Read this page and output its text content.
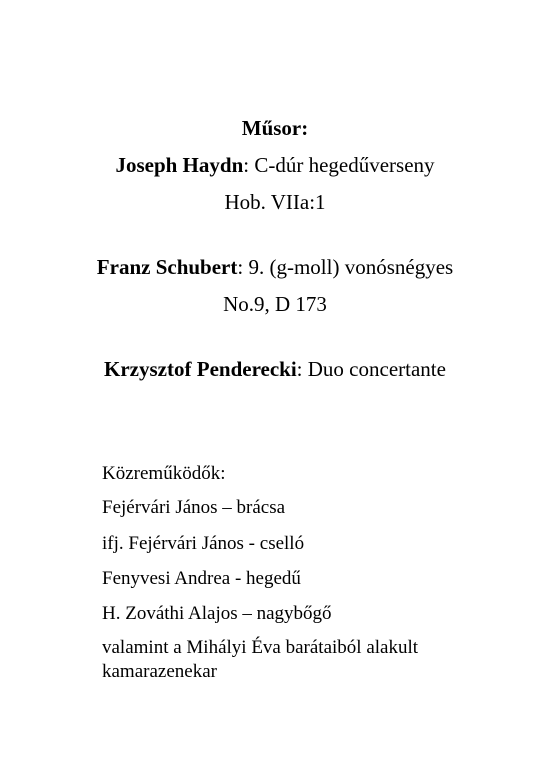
Műsor:
Joseph Haydn: C-dúr hegedűverseny
Hob. VIIa:1
Franz Schubert: 9. (g-moll) vonósnégyes
No.9, D 173
Krzysztof Penderecki: Duo concertante
Közreműködők:
Fejérvári János – brácsa
ifj. Fejérvári János - cselló
Fenyvesi Andrea - hegedű
H. Zováthi Alajos – nagybőgő
valamint a Mihályi Éva barátaiból alakult
kamarazenekar
